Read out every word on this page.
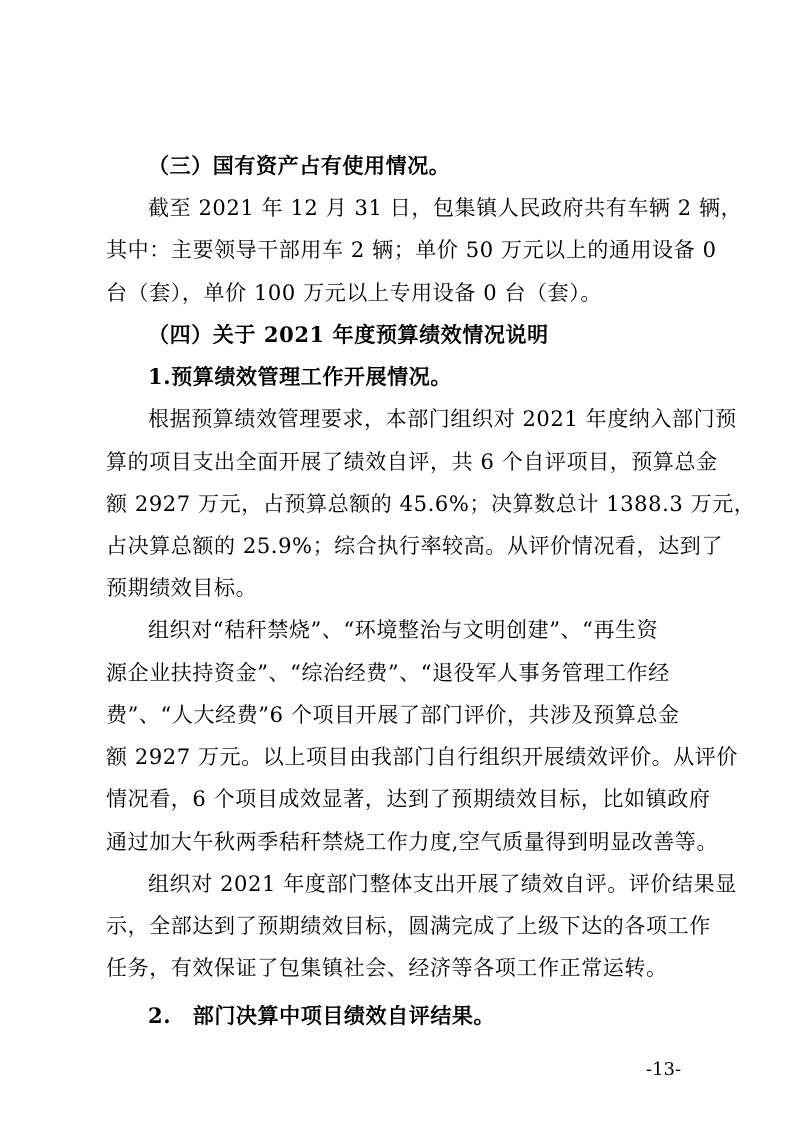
（三）国有资产占有使用情况。
截至 2021 年 12 月 31 日，包集镇人民政府共有车辆 2 辆，
其中：主要领导干部用车 2 辆；单价 50 万元以上的通用设备 0
台（套），单价 100 万元以上专用设备 0 台（套）。
（四）关于 2021 年度预算绩效情况说明
1.预算绩效管理工作开展情况。
根据预算绩效管理要求，本部门组织对 2021 年度纳入部门预
算的项目支出全面开展了绩效自评，共 6 个自评项目，预算总金
额 2927 万元，占预算总额的 45.6%；决算数总计 1388.3 万元，
占决算总额的 25.9%；综合执行率较高。从评价情况看，达到了
预期绩效目标。
组织对“秸秆禁烧”、“环境整治与文明创建”、“再生资
源企业扶持资金”、“综治经费”、“退役军人事务管理工作经
费”、“人大经费”6 个项目开展了部门评价，共涉及预算总金
额 2927 万元。以上项目由我部门自行组织开展绩效评价。从评价
情况看，6 个项目成效显著，达到了预期绩效目标，比如镇政府
通过加大午秋两季秸秆禁烧工作力度,空气质量得到明显改善等。
组织对 2021 年度部门整体支出开展了绩效自评。评价结果显
示，全部达到了预期绩效目标，圆满完成了上级下达的各项工作
任务，有效保证了包集镇社会、经济等各项工作正常运转。
2.　部门决算中项目绩效自评结果。
-13-
